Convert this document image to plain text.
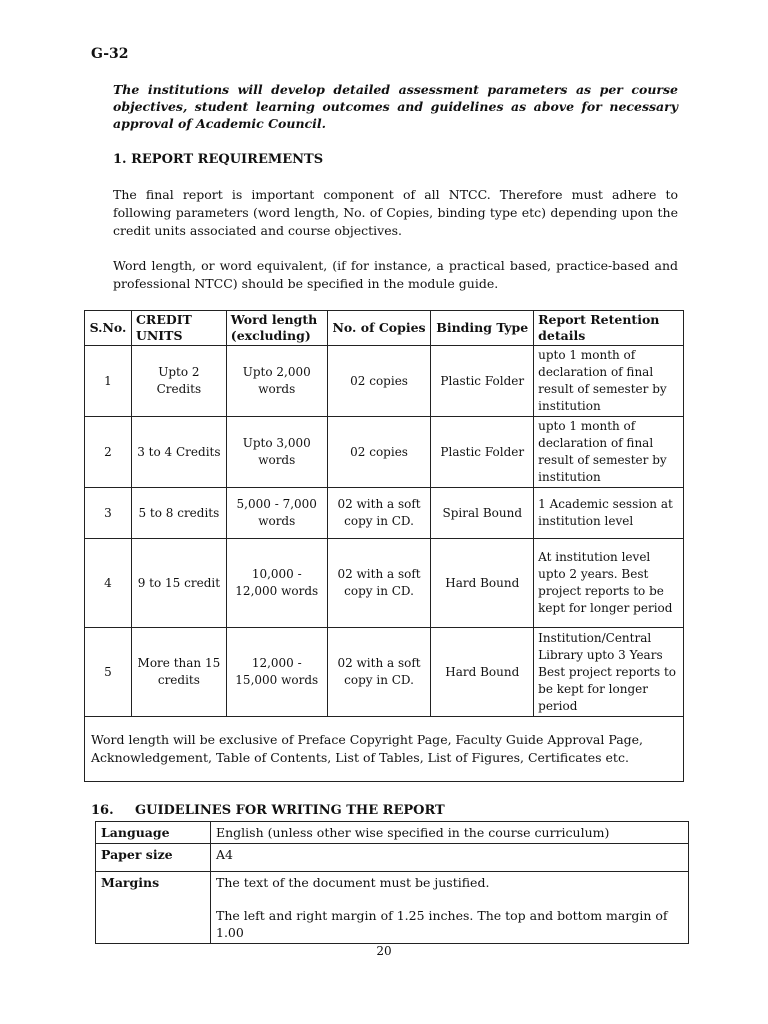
G-32
The institutions will develop detailed assessment parameters as per course objectives, student learning outcomes and guidelines as above for necessary approval of Academic Council.
1. REPORT REQUIREMENTS
The final report is important component of all NTCC. Therefore must adhere to following parameters (word length, No. of Copies, binding type etc) depending upon the credit units associated and course objectives.
Word length, or word equivalent, (if for instance, a practical based, practice-based and professional NTCC) should be specified in the module guide.
S.No.	CREDIT UNITS	Word length (excluding)	No. of Copies	Binding Type	Report Retention details
1	Upto 2 Credits	Upto 2,000 words	02 copies	Plastic Folder	upto 1 month of declaration of final result of semester by institution
2	3 to 4 Credits	Upto 3,000 words	02 copies	Plastic Folder	upto 1 month of declaration of final result of semester by institution
3	5 to 8 credits	5,000 - 7,000 words	02 with a soft copy in CD.	Spiral Bound	1 Academic session at institution level
4	9 to 15 credit	10,000 - 12,000 words	02 with a soft copy in CD.	Hard Bound	At institution level upto 2 years. Best project reports to be kept for longer period
5	More than 15 credits	12,000 - 15,000 words	02 with a soft copy in CD.	Hard Bound	Institution/Central Library upto 3 Years Best project reports to be kept for longer period
Word length will be exclusive of Preface Copyright Page, Faculty Guide Approval Page, Acknowledgement, Table of Contents, List of Tables, List of Figures, Certificates etc.					
16. GUIDELINES FOR WRITING THE REPORT
Language	English (unless other wise specified in the course curriculum)
Paper size	A4
Margins	The text of the document must be justified.
The left and right margin of 1.25 inches. The top and bottom margin of 1.00
20
